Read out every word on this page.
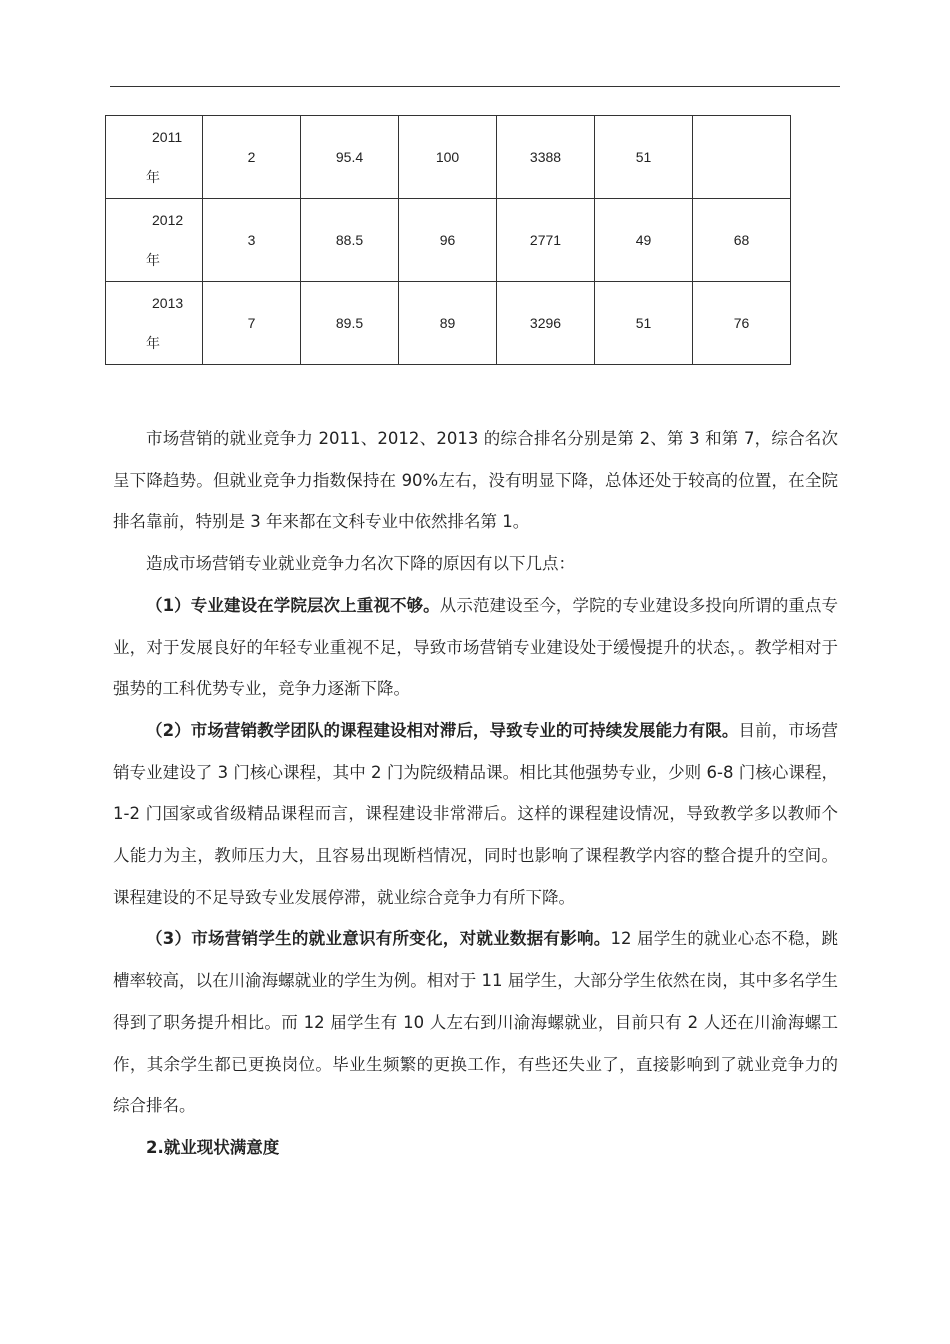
2011
年	2	95.4	100	3388	51	

2012
年	3	88.5	96	2771	49	68

2013
年	7	89.5	89	3296	51	76

市场营销的就业竞争力 2011、2012、2013 的综合排名分别是第 2、第 3 和第 7，综合名次呈下降趋势。但就业竞争力指数保持在 90%左右，没有明显下降，总体还处于较高的位置，在全院排名靠前，特别是 3 年来都在文科专业中依然排名第 1。

造成市场营销专业就业竞争力名次下降的原因有以下几点：

（1）专业建设在学院层次上重视不够。从示范建设至今，学院的专业建设多投向所谓的重点专业，对于发展良好的年轻专业重视不足，导致市场营销专业建设处于缓慢提升的状态，。教学相对于强势的工科优势专业，竞争力逐渐下降。

（2）市场营销教学团队的课程建设相对滞后，导致专业的可持续发展能力有限。目前，市场营销专业建设了 3 门核心课程，其中 2 门为院级精品课。相比其他强势专业，少则 6-8 门核心课程，1-2 门国家或省级精品课程而言，课程建设非常滞后。这样的课程建设情况，导致教学多以教师个人能力为主，教师压力大，且容易出现断档情况，同时也影响了课程教学内容的整合提升的空间。课程建设的不足导致专业发展停滞，就业综合竞争力有所下降。

（3）市场营销学生的就业意识有所变化，对就业数据有影响。12 届学生的就业心态不稳，跳槽率较高，以在川渝海螺就业的学生为例。相对于 11 届学生，大部分学生依然在岗，其中多名学生得到了职务提升相比。而 12 届学生有 10 人左右到川渝海螺就业，目前只有 2 人还在川渝海螺工作，其余学生都已更换岗位。毕业生频繁的更换工作，有些还失业了，直接影响到了就业竞争力的综合排名。

2.就业现状满意度
